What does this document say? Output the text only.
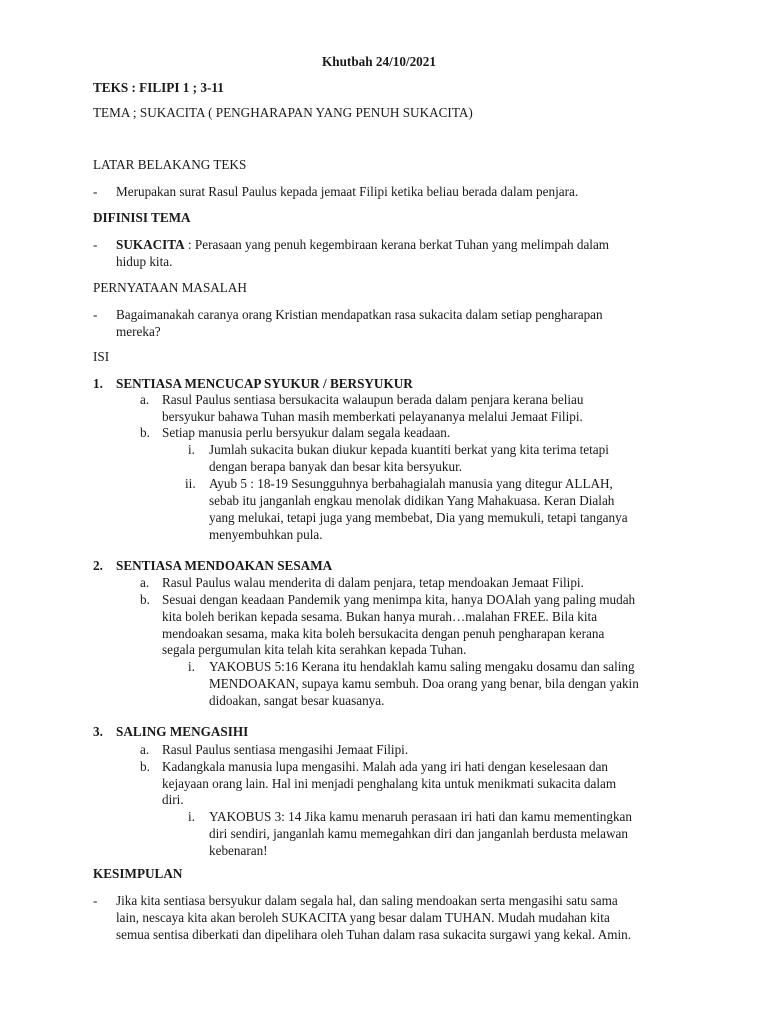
Khutbah 24/10/2021
TEKS : FILIPI 1 ; 3-11
TEMA ; SUKACITA ( PENGHARAPAN YANG PENUH SUKACITA)
LATAR BELAKANG TEKS
- Merupakan surat Rasul Paulus kepada jemaat Filipi ketika beliau berada dalam penjara.
DIFINISI TEMA
- SUKACITA : Perasaan yang penuh kegembiraan kerana berkat Tuhan yang melimpah dalam
hidup kita.
PERNYATAAN MASALAH
- Bagaimanakah caranya orang Kristian mendapatkan rasa sukacita dalam setiap pengharapan
mereka?
ISI
1. SENTIASA MENCUCAP SYUKUR / BERSYUKUR
a. Rasul Paulus sentiasa bersukacita walaupun berada dalam penjara kerana beliau
bersyukur bahawa Tuhan masih memberkati pelayananya melalui Jemaat Filipi.
b. Setiap manusia perlu bersyukur dalam segala keadaan.
i. Jumlah sukacita bukan diukur kepada kuantiti berkat yang kita terima tetapi
dengan berapa banyak dan besar kita bersyukur.
ii. Ayub 5 : 18-19 Sesungguhnya berbahagialah manusia yang ditegur ALLAH,
sebab itu janganlah engkau menolak didikan Yang Mahakuasa. Keran Dialah
yang melukai, tetapi juga yang membebat, Dia yang memukuli, tetapi tanganya
menyembuhkan pula.
2. SENTIASA MENDOAKAN SESAMA
a. Rasul Paulus walau menderita di dalam penjara, tetap mendoakan Jemaat Filipi.
b. Sesuai dengan keadaan Pandemik yang menimpa kita, hanya DOAlah yang paling mudah
kita boleh berikan kepada sesama. Bukan hanya murah…malahan FREE. Bila kita
mendoakan sesama, maka kita boleh bersukacita dengan penuh pengharapan kerana
segala pergumulan kita telah kita serahkan kepada Tuhan.
i. YAKOBUS 5:16 Kerana itu hendaklah kamu saling mengaku dosamu dan saling
MENDOAKAN, supaya kamu sembuh. Doa orang yang benar, bila dengan yakin
didoakan, sangat besar kuasanya.
3. SALING MENGASIHI
a. Rasul Paulus sentiasa mengasihi Jemaat Filipi.
b. Kadangkala manusia lupa mengasihi. Malah ada yang iri hati dengan keselesaan dan
kejayaan orang lain. Hal ini menjadi penghalang kita untuk menikmati sukacita dalam
diri.
i. YAKOBUS 3: 14 Jika kamu menaruh perasaan iri hati dan kamu mementingkan
diri sendiri, janganlah kamu memegahkan diri dan janganlah berdusta melawan
kebenaran!
KESIMPULAN
- Jika kita sentiasa bersyukur dalam segala hal, dan saling mendoakan serta mengasihi satu sama
lain, nescaya kita akan beroleh SUKACITA yang besar dalam TUHAN. Mudah mudahan kita
semua sentisa diberkati dan dipelihara oleh Tuhan dalam rasa sukacita surgawi yang kekal. Amin.
